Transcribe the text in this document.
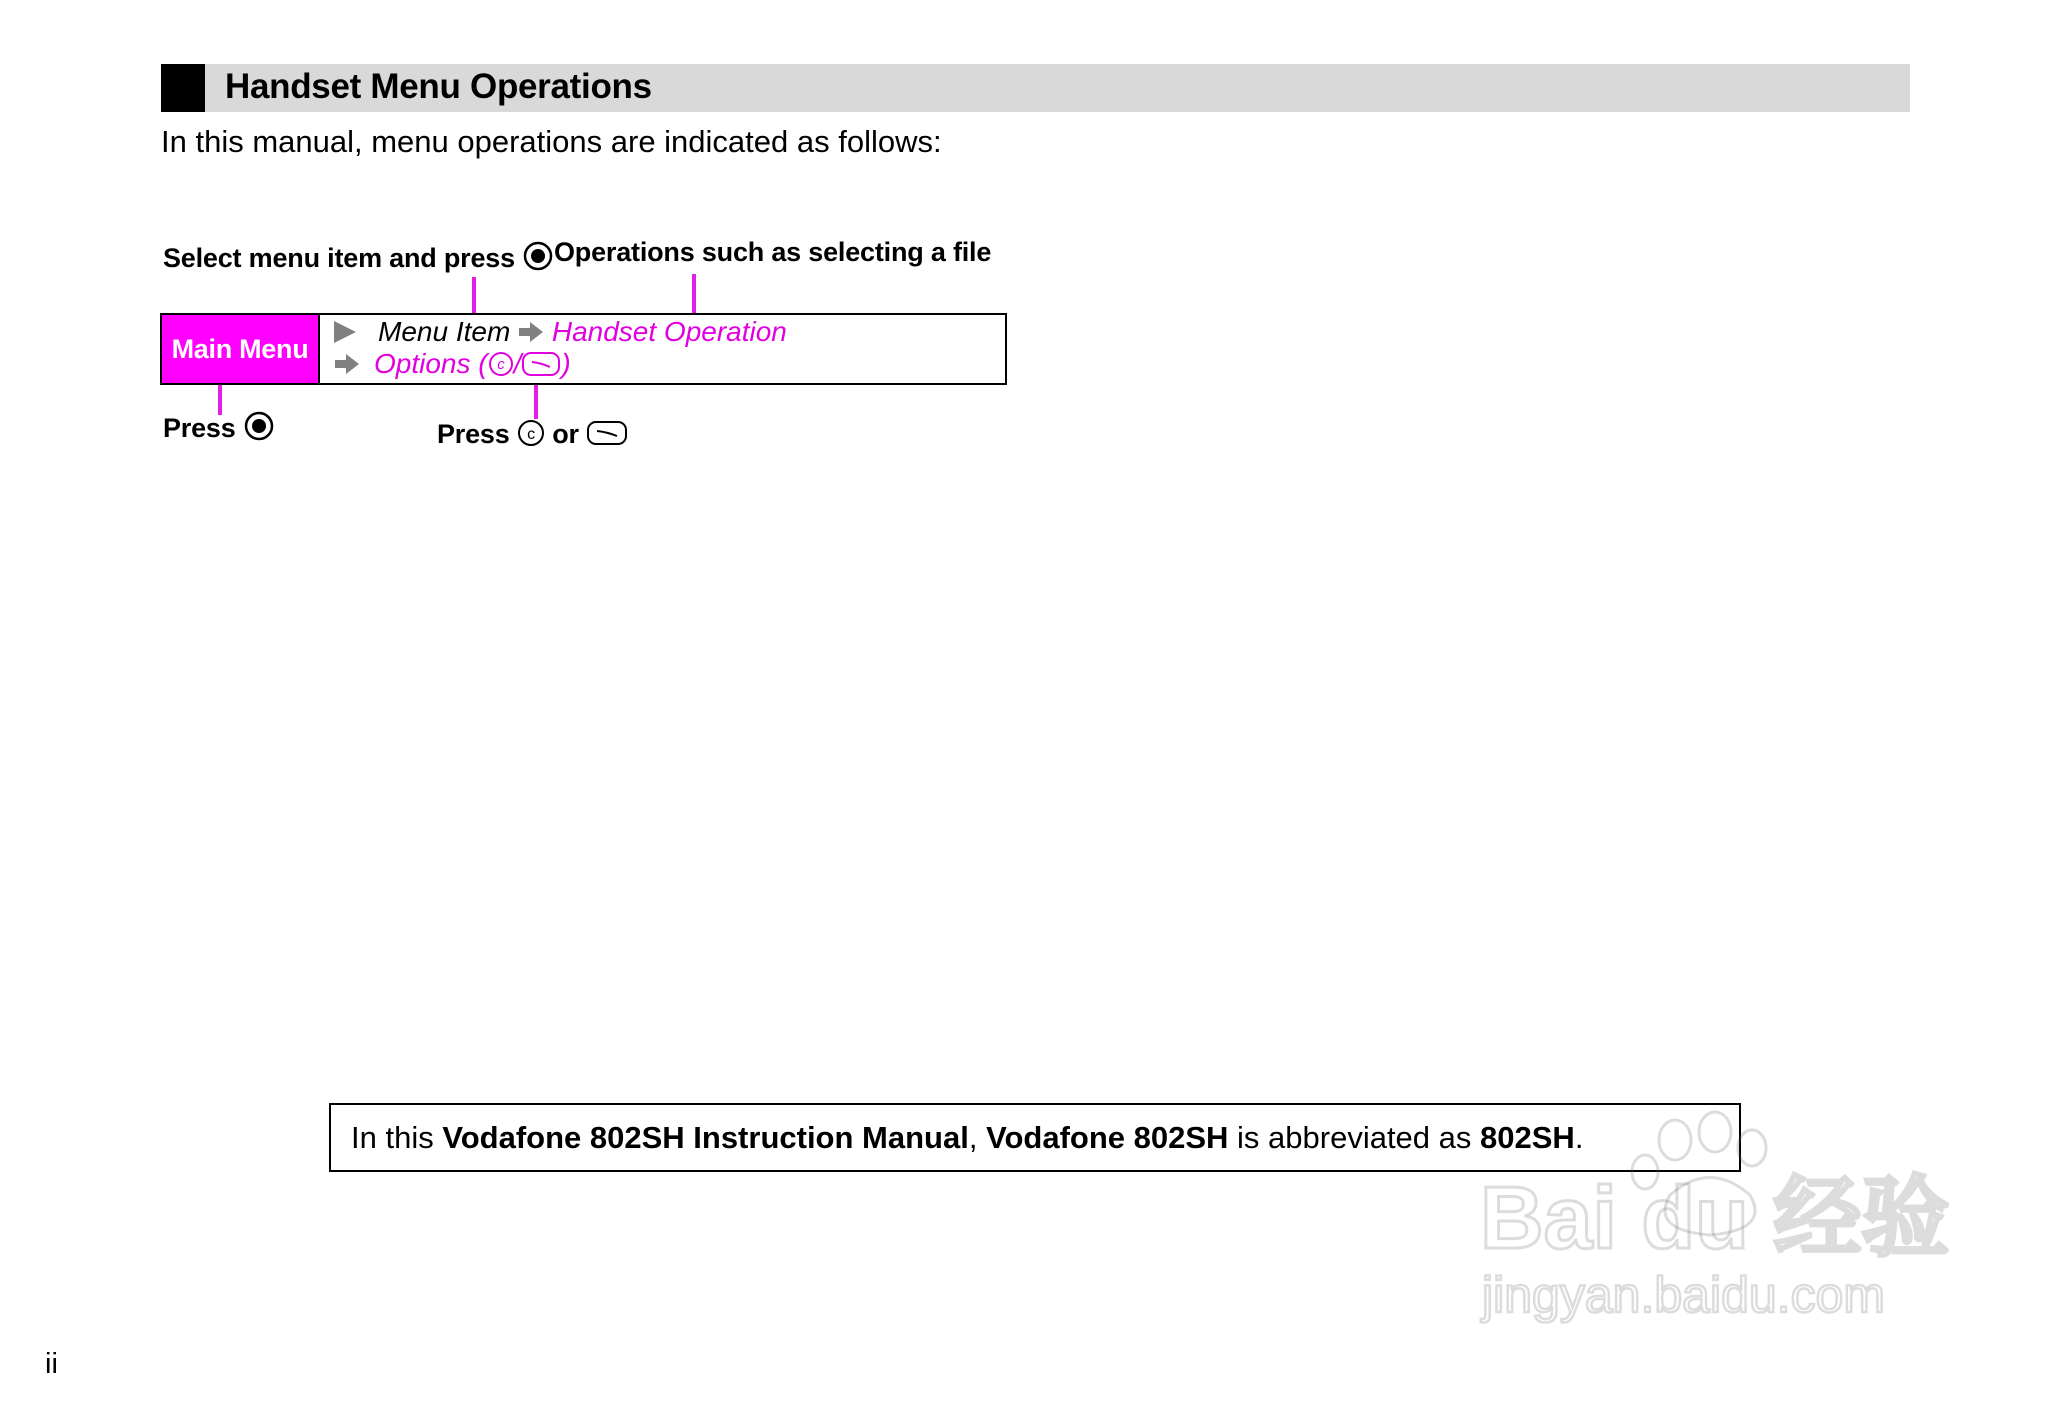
Handset Menu Operations
In this manual, menu operations are indicated as follows:
Select menu item and press	Operations such as selecting a file
Main Menu
Menu Item Handset Operation
Options ( c / )
Press	Press c or
In this Vodafone 802SH Instruction Manual, Vodafone 802SH is abbreviated as 802SH.
ii
Bai du 经验
jingyan.baidu.com
